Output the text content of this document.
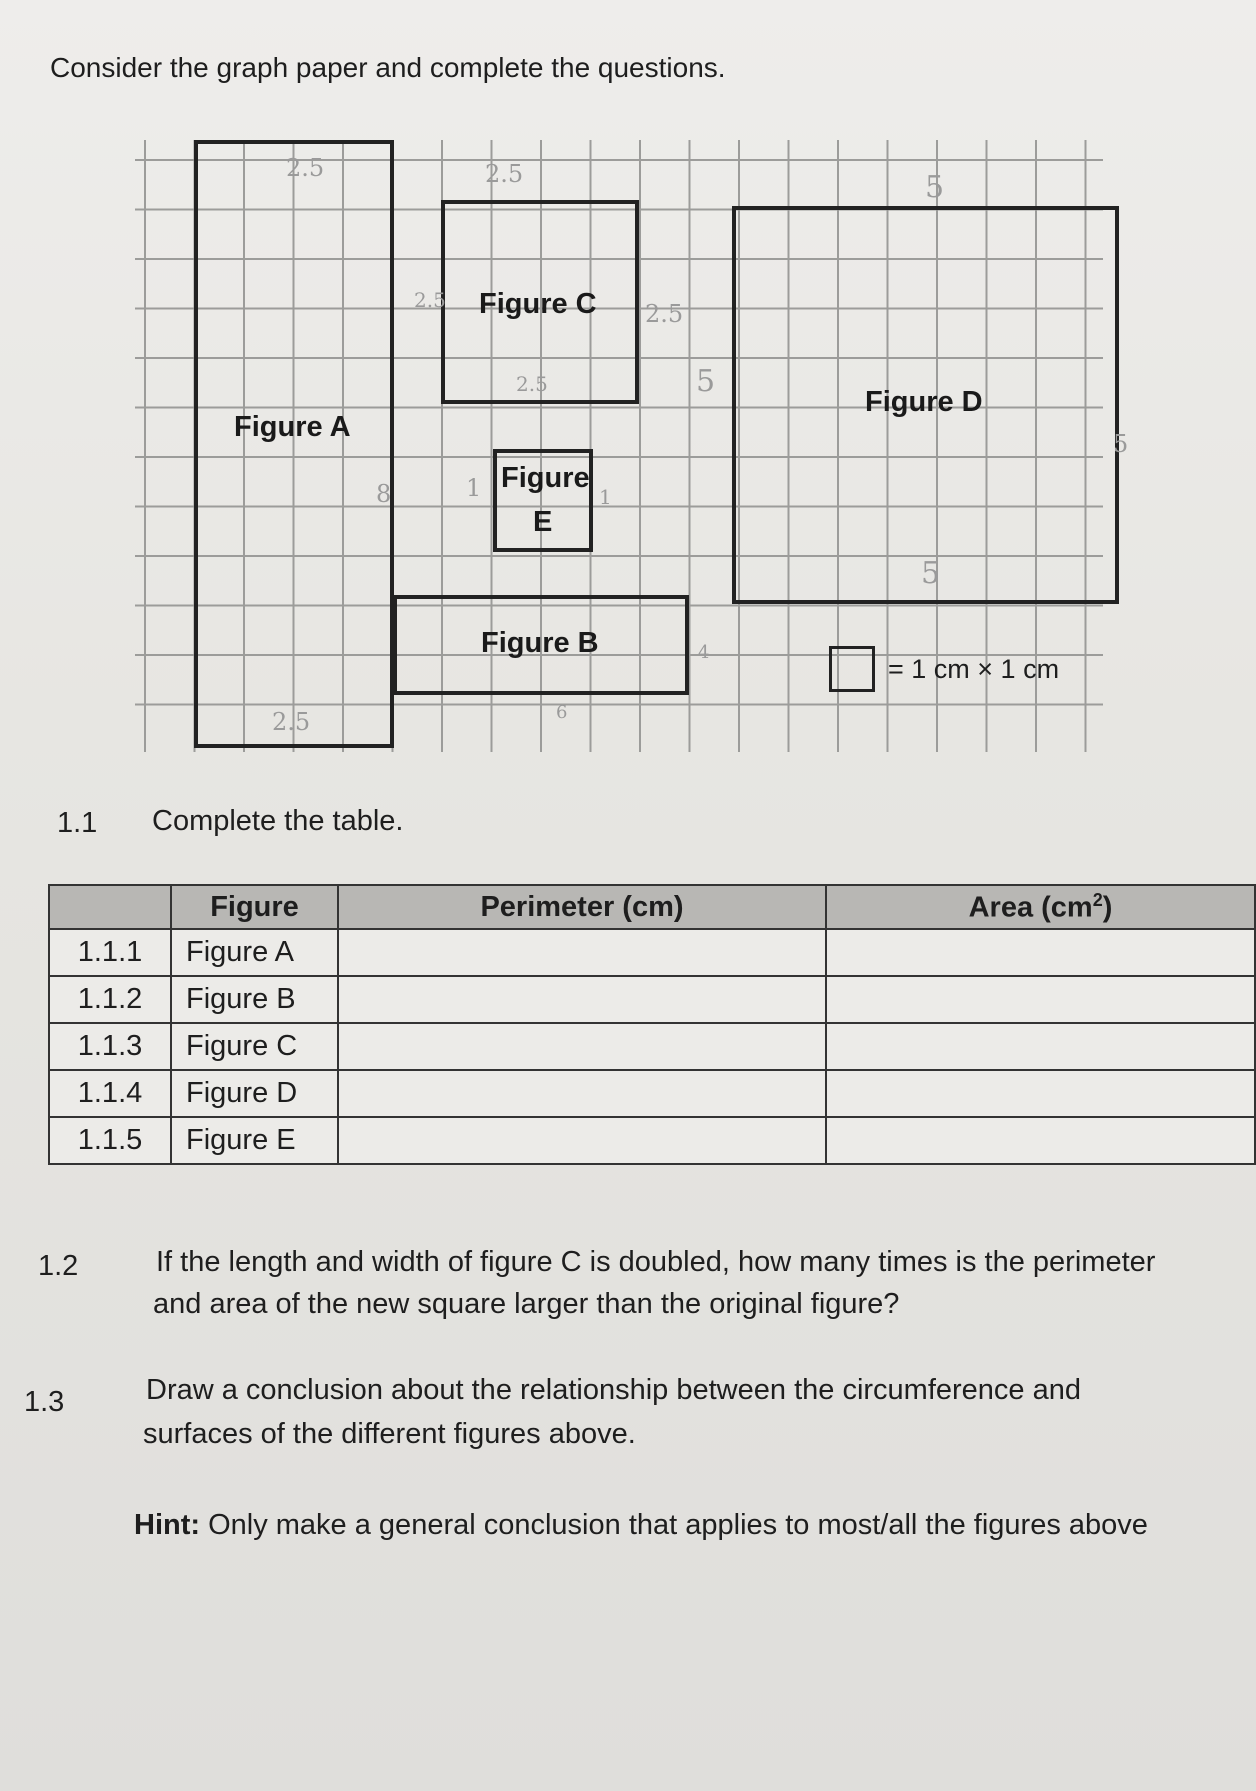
Consider the graph paper and complete the questions.
Figure A
Figure C
Figure D
Figure
E
Figure B
2.5
8
2.5
2.5
2.5	2.5
2.5	5
5
5
5
1	1
4
6
= 1 cm × 1 cm
1.1 Complete the table.
	Figure	Perimeter (cm)	Area $(cm^2)$
1.1.1	Figure A		
1.1.2	Figure B		
1.1.3	Figure C		
1.1.4	Figure D		
1.1.5	Figure E		
1.2	If the length and width of figure C is doubled, how many times is the perimeter
and area of the new square larger than the original figure?
1.3	Draw a conclusion about the relationship between the circumference and
surfaces of the different figures above.
Hint: Only make a general conclusion that applies to most/all the figures above
